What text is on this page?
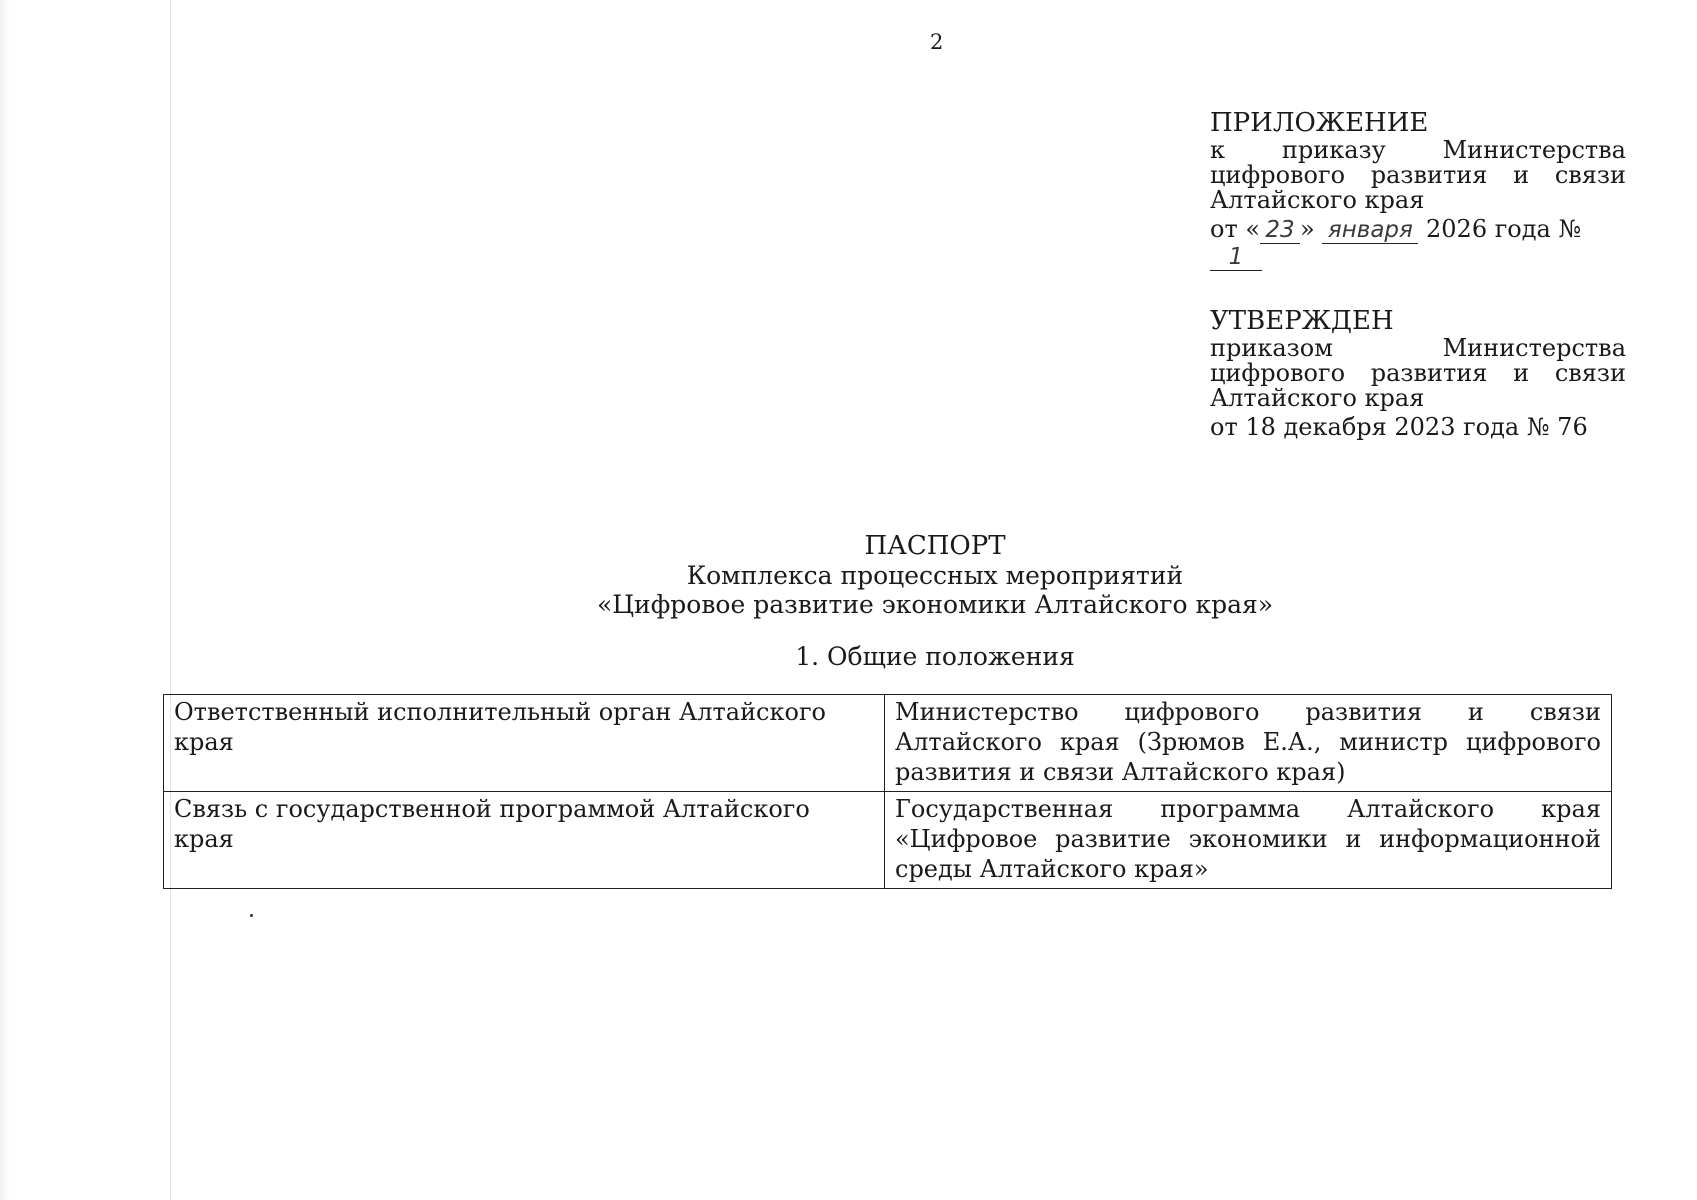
2
ПРИЛОЖЕНИЕ
к приказу Министерства
цифрового развития и связи
Алтайского края
от « 23 » января 2026 года № 1
УТВЕРЖДЕН
приказом Министерства
цифрового развития и связи
Алтайского края
от 18 декабря 2023 года № 76
ПАСПОРТ
Комплекса процессных мероприятий
«Цифровое развитие экономики Алтайского края»
1. Общие положения
Ответственный исполнительный орган Алтайского края	Министерство цифрового развития и связи Алтайского края (Зрюмов Е.А., министр цифрового развития и связи Алтайского края)
Связь с государственной программой Алтайского края	Государственная программа Алтайского края «Цифровое развитие экономики и информационной среды Алтайского края»
